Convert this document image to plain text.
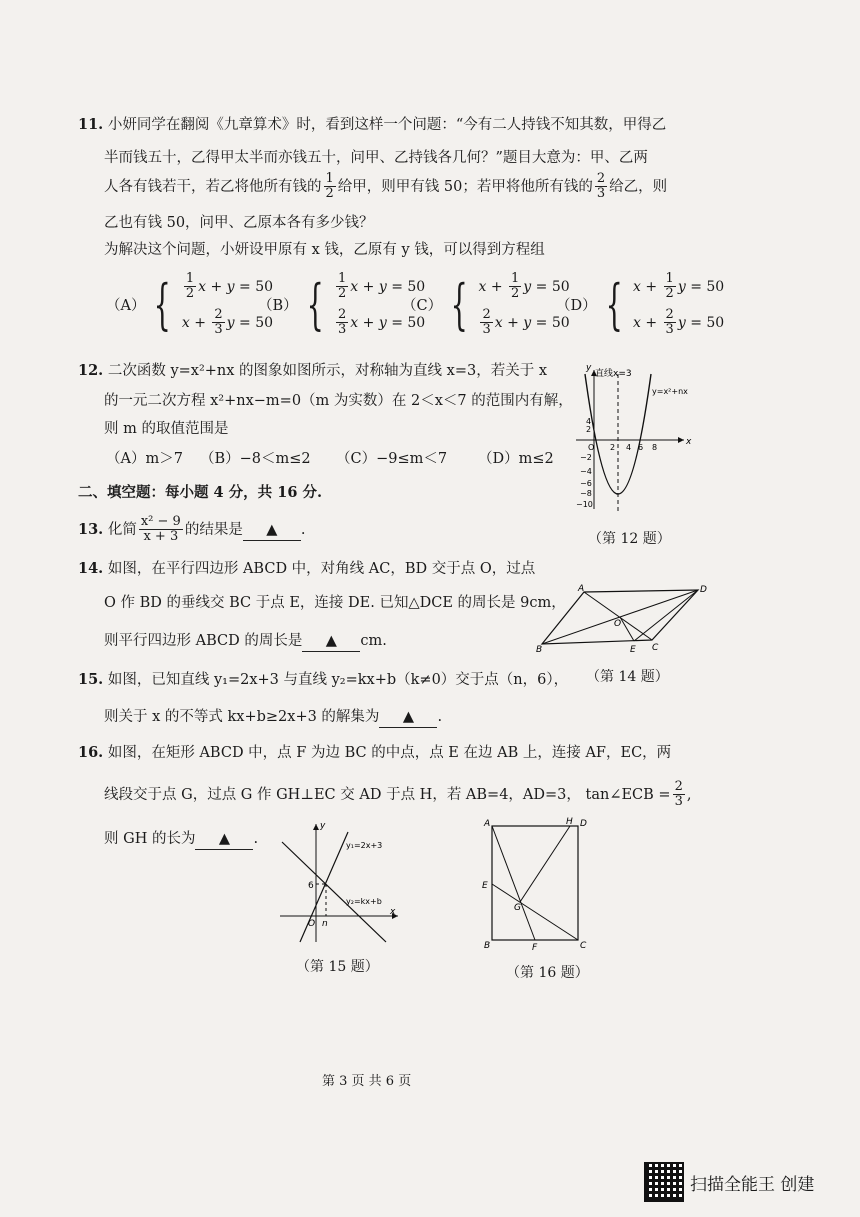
11. 小妍同学在翻阅《九章算术》时，看到这样一个问题：“今有二人持钱不知其数，甲得乙
半而钱五十，乙得甲太半而亦钱五十，问甲、乙持钱各几何？”题目大意为：甲、乙两
人各有钱若干，若乙将他所有钱的 $\frac{1}{2}$ 给甲，则甲有钱 50；若甲将他所有钱的 $\frac{2}{3}$ 给乙，则
乙也有钱 50，问甲、乙原本各有多少钱？
为解决这个问题，小妍设甲原有 x 钱，乙原有 y 钱，可以得到方程组
（A） { $\frac{1}{2}$ x + y = 50
$x + \frac{2}{3}$ y = 50
（B） { $\frac{1}{2}$ x + y = 50
$\frac{2}{3}$ x + y = 50
（C） { $x + \frac{1}{2}$ y = 50
$\frac{2}{3}$ x + y = 50
（D） { $x + \frac{1}{2}$ y = 50
$x + \frac{2}{3}$ y = 50
12. 二次函数 y=x²+nx 的图象如图所示，对称轴为直线 x=3，若关于 x
的一元二次方程 x²+nx−m=0（m 为实数）在 2＜x＜7 的范围内有解，
则 m 的取值范围是
（A）m＞7 （B）−8＜m≤2 （C）−9≤m＜7 （D）m≤2
直线x=3
y=x²+nx
y
x
O 2 4 6 8
4
2
−2
−4
−6
−8
−10
（第 12 题）
二、填空题：每小题 4 分，共 16 分.
13. 化简 $\frac{\text{x² − 9}}{x + 3}$ 的结果是 ▲ .
14. 如图，在平行四边形 ABCD 中，对角线 AC，BD 交于点 O，过点
O 作 BD 的垂线交 BC 于点 E，连接 DE. 已知△DCE 的周长是 9cm，
则平行四边形 ABCD 的周长是 ▲ cm.
A	D
B	C
O
E
（第 14 题）
15. 如图，已知直线 y₁=2x+3 与直线 y₂=kx+b（k≠0）交于点（n，6），
则关于 x 的不等式 kx+b≥2x+3 的解集为 ▲ .
16. 如图，在矩形 ABCD 中，点 F 为边 BC 的中点，点 E 在边 AB 上，连接 AF，EC，两
线段交于点 G，过点 G 作 GH⊥EC 交 AD 于点 H，若 AB=4，AD=3， tan∠ECB = $\frac{2}{3}$ ,
则 GH 的长为 ▲ .
y
x
y₁=2x+3
y₂=kx+b
6
O n
（第 15 题）
A	H D
E
G
B	F	C
（第 16 题）
第 3 页 共 6 页
扫描全能王 创建
